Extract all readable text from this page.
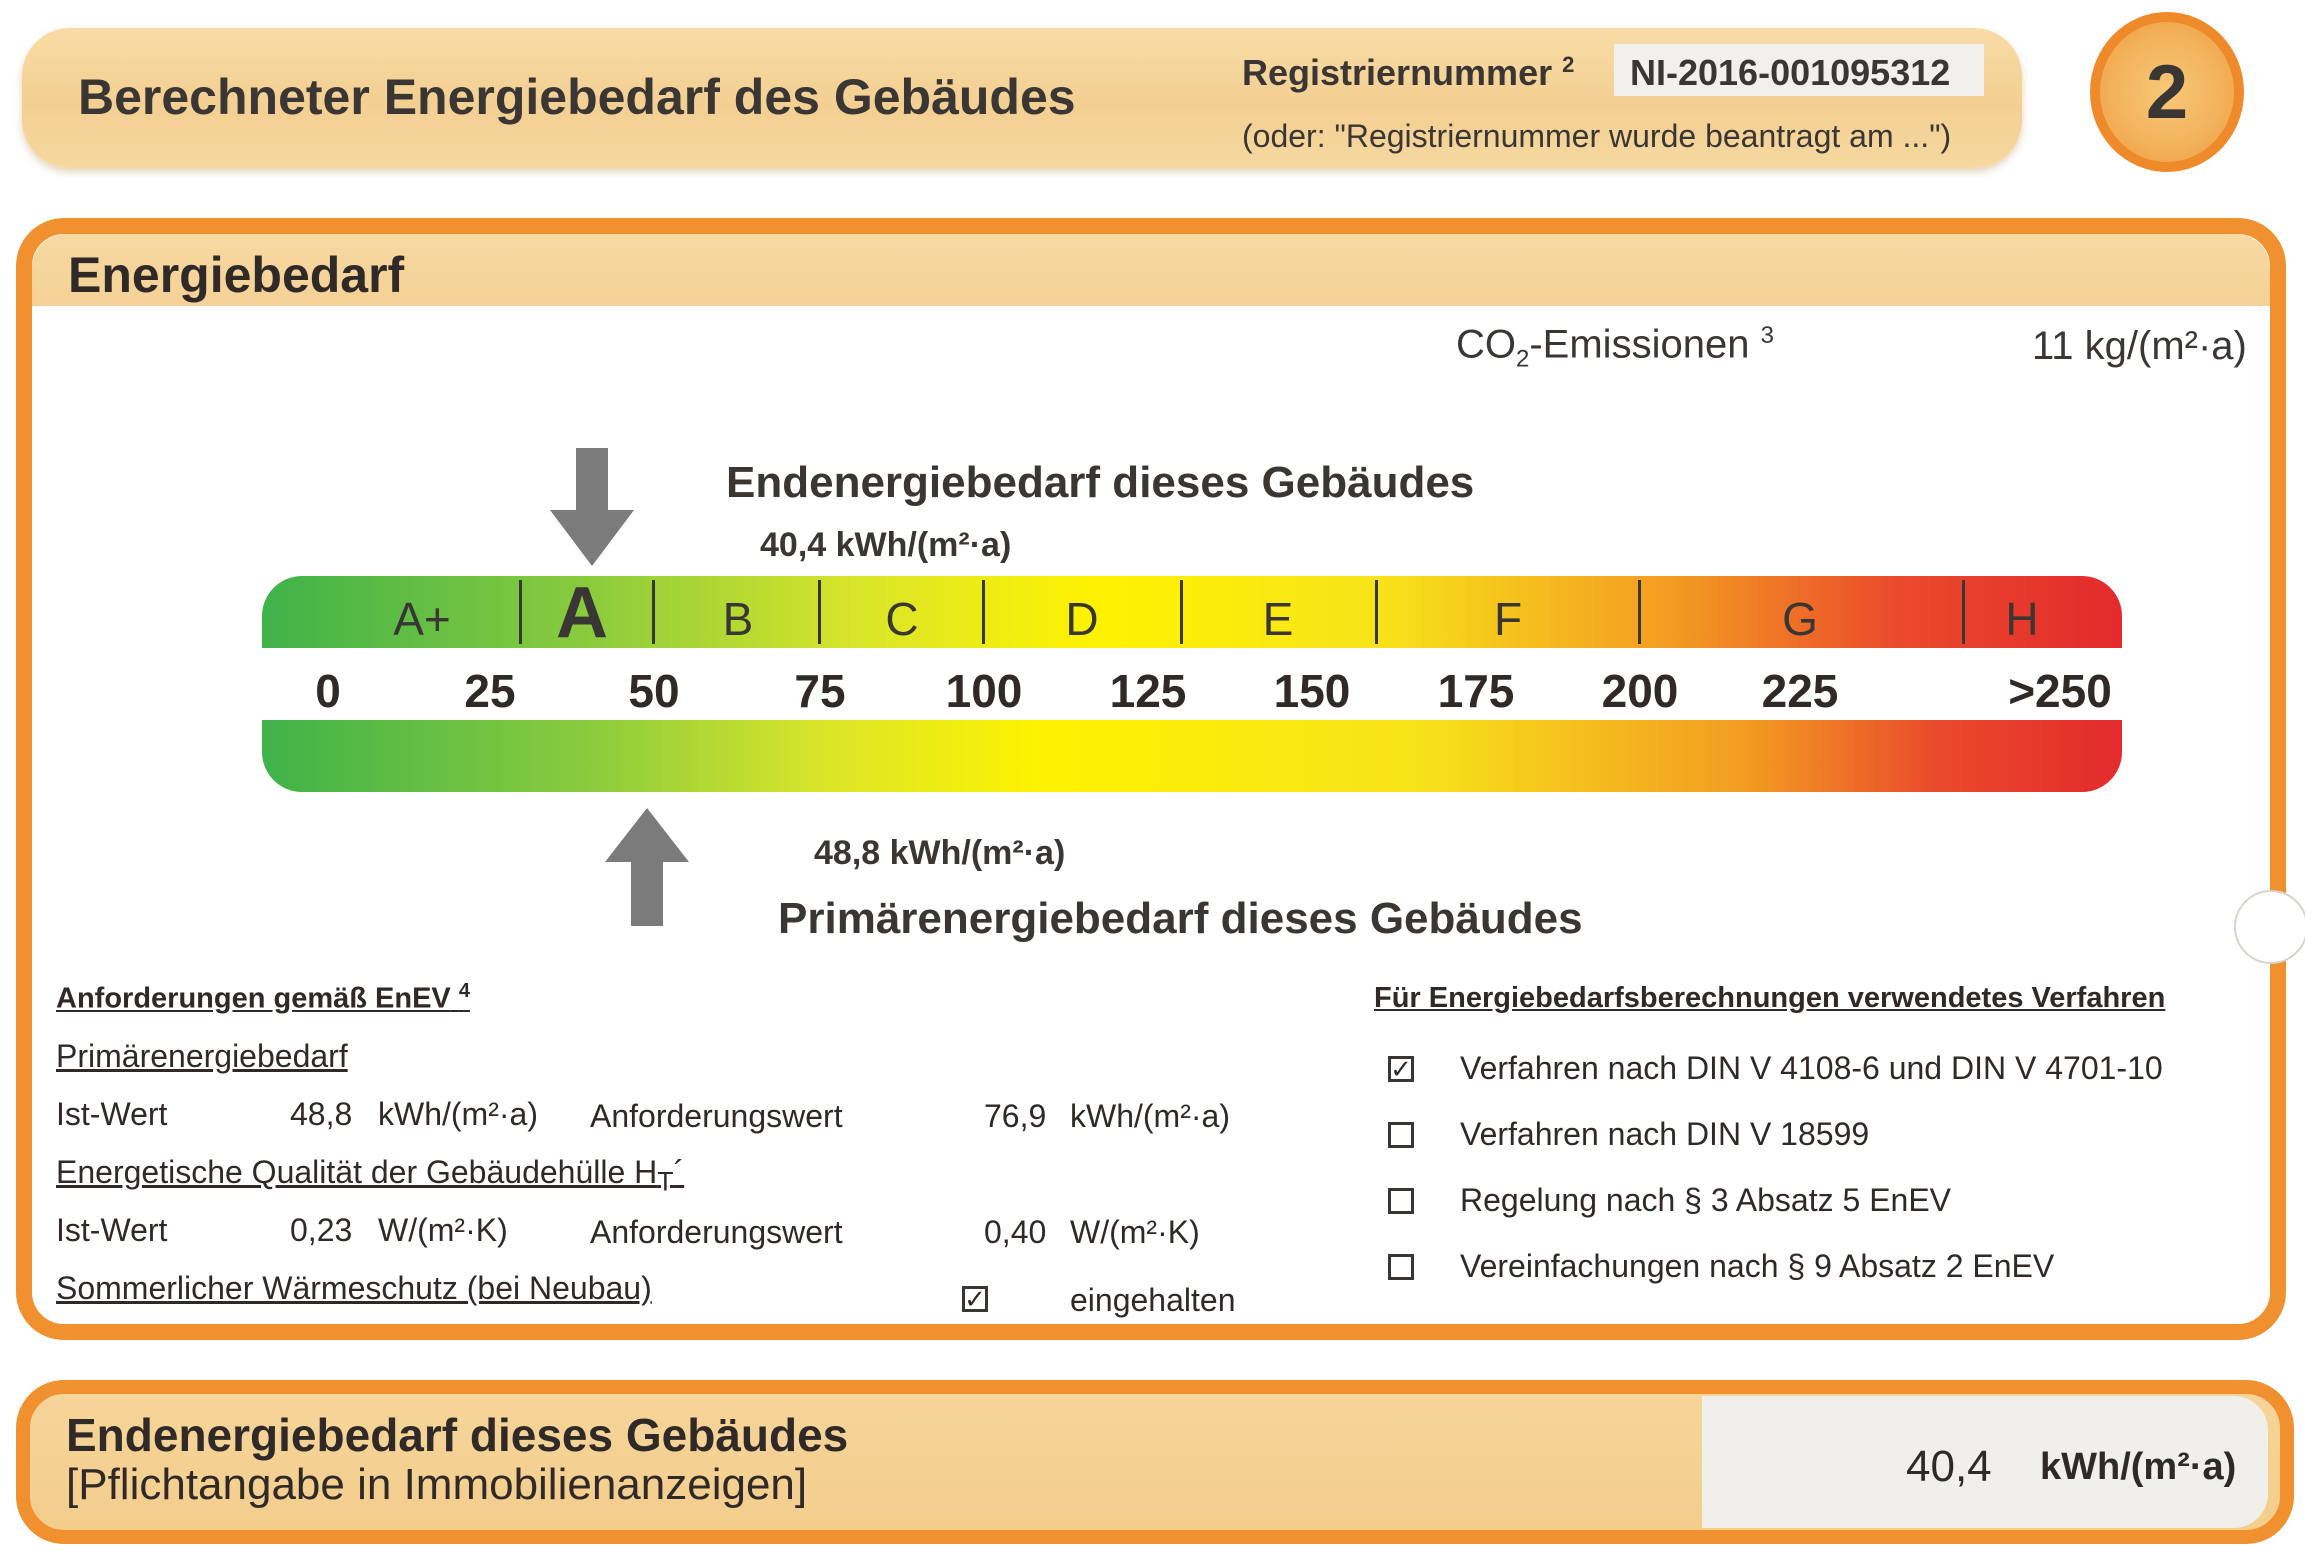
Berechneter Energiebedarf des Gebäudes	Registriernummer $^2$ NI-2016-001095312
(oder: "Registriernummer wurde beantragt am ...")
2
Energiebedarf
$CO_2$-Emissionen $^3$	11 kg/(m²·a)
Endenergiebedarf dieses Gebäudes
40,4 kWh/(m²·a)
A+ A B	C	D	E	F	G	H
0	25 50 75 100 125 150 175 200 225	>250
48,8 kWh/(m²·a)
Primärenergiebedarf dieses Gebäudes
Anforderungen gemäß EnEV $^4$
Primärenergiebedarf
Ist-Wert	48,8 kWh/(m²·a) Anforderungswert	76,9 kWh/(m²·a)
Energetische Qualität der Gebäudehülle $H_T´$
Ist-Wert	0,23 W/(m²·K)	Anforderungswert	0,40 W/(m²·K)
Sommerlicher Wärmeschutz (bei Neubau)	✓	eingehalten
Für Energiebedarfsberechnungen verwendetes Verfahren
✓ Verfahren nach DIN V 4108-6 und DIN V 4701-10
Verfahren nach DIN V 18599
Regelung nach § 3 Absatz 5 EnEV
Vereinfachungen nach § 9 Absatz 2 EnEV
Endenergiebedarf dieses Gebäudes
[Pflichtangabe in Immobilienanzeigen]	40,4 kWh/(m²·a)
